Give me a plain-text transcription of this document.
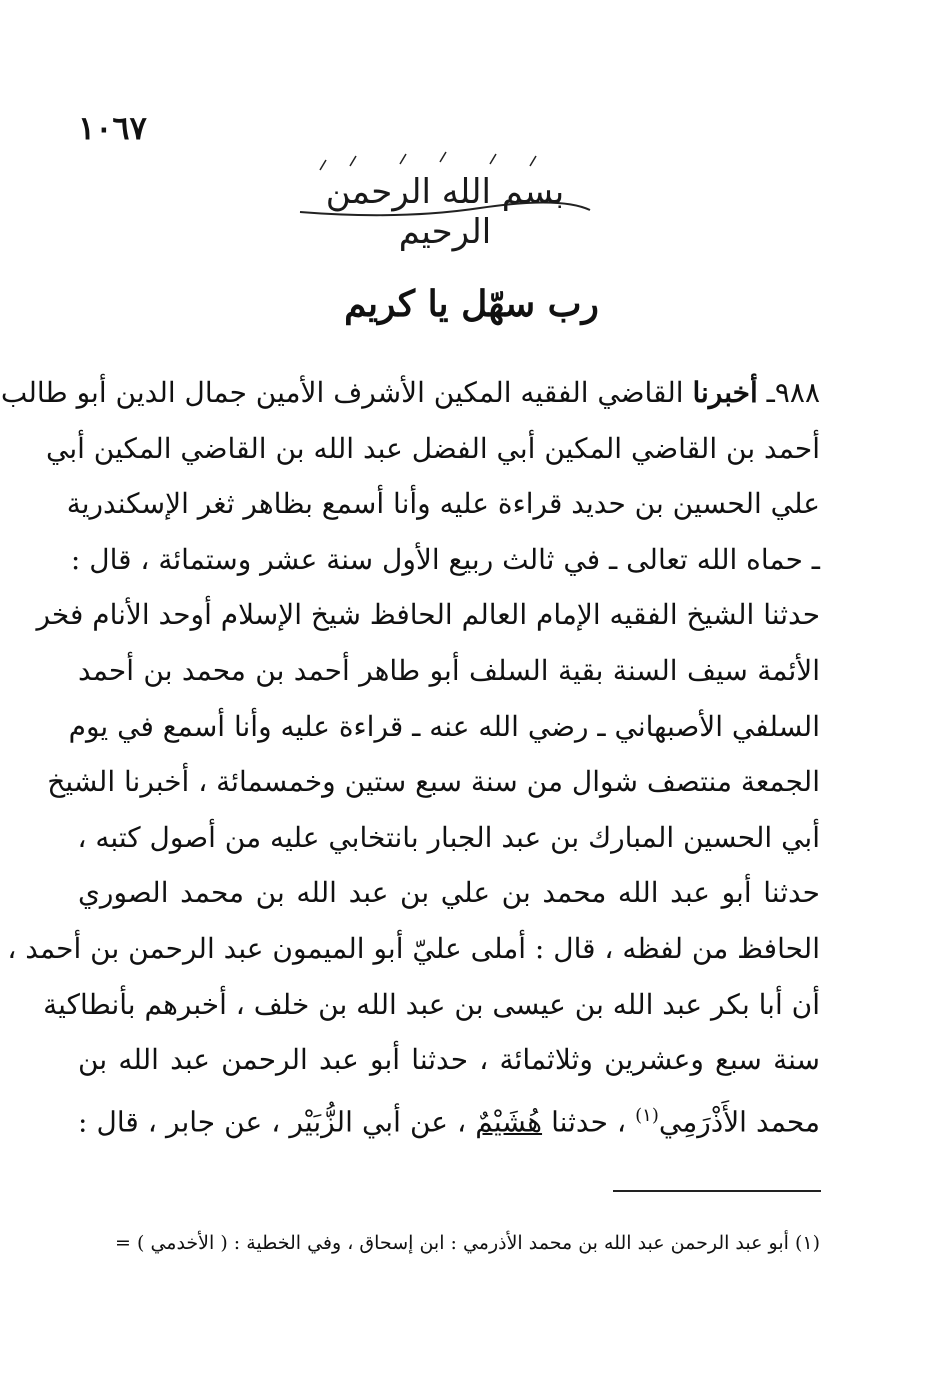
١٠٦٧
بسم الله الرحمن الرحيم
رب سهّل يا كريم
٩٨٨ـ أخبرنا القاضي الفقيه المكين الأشرف الأمين جمال الدين أبو طالب
أحمد بن القاضي المكين أبي الفضل عبد الله بن القاضي المكين أبي
علي الحسين بن حديد قراءة عليه وأنا أسمع بظاهر ثغر الإسكندرية
ـ حماه الله تعالى ـ في ثالث ربيع الأول سنة عشر وستمائة ، قال :
حدثنا الشيخ الفقيه الإمام العالم الحافظ شيخ الإسلام أوحد الأنام فخر
الأئمة سيف السنة بقية السلف أبو طاهر أحمد بن محمد بن أحمد
السلفي الأصبهاني ـ رضي الله عنه ـ قراءة عليه وأنا أسمع في يوم
الجمعة منتصف شوال من سنة سبع ستين وخمسمائة ، أخبرنا الشيخ
أبي الحسين المبارك بن عبد الجبار بانتخابي عليه من أصول كتبه ،
حدثنا أبو عبد الله محمد بن علي بن عبد الله بن محمد الصوري
الحافظ من لفظه ، قال : أملى عليّ أبو الميمون عبد الرحمن بن أحمد ،
أن أبا بكر عبد الله بن عيسى بن عبد الله بن خلف ، أخبرهم بأنطاكية
سنة سبع وعشرين وثلاثمائة ، حدثنا أبو عبد الرحمن عبد الله بن
محمد الأَذْرَمِي$^{(١)}$ ، حدثنا هُشَيْمٌ ، عن أبي الزُّبَيْر ، عن جابر ، قال :
(١) أبو عبد الرحمن عبد الله بن محمد الأذرمي : ابن إسحاق ، وفي الخطية : ( الأخدمي ) =
